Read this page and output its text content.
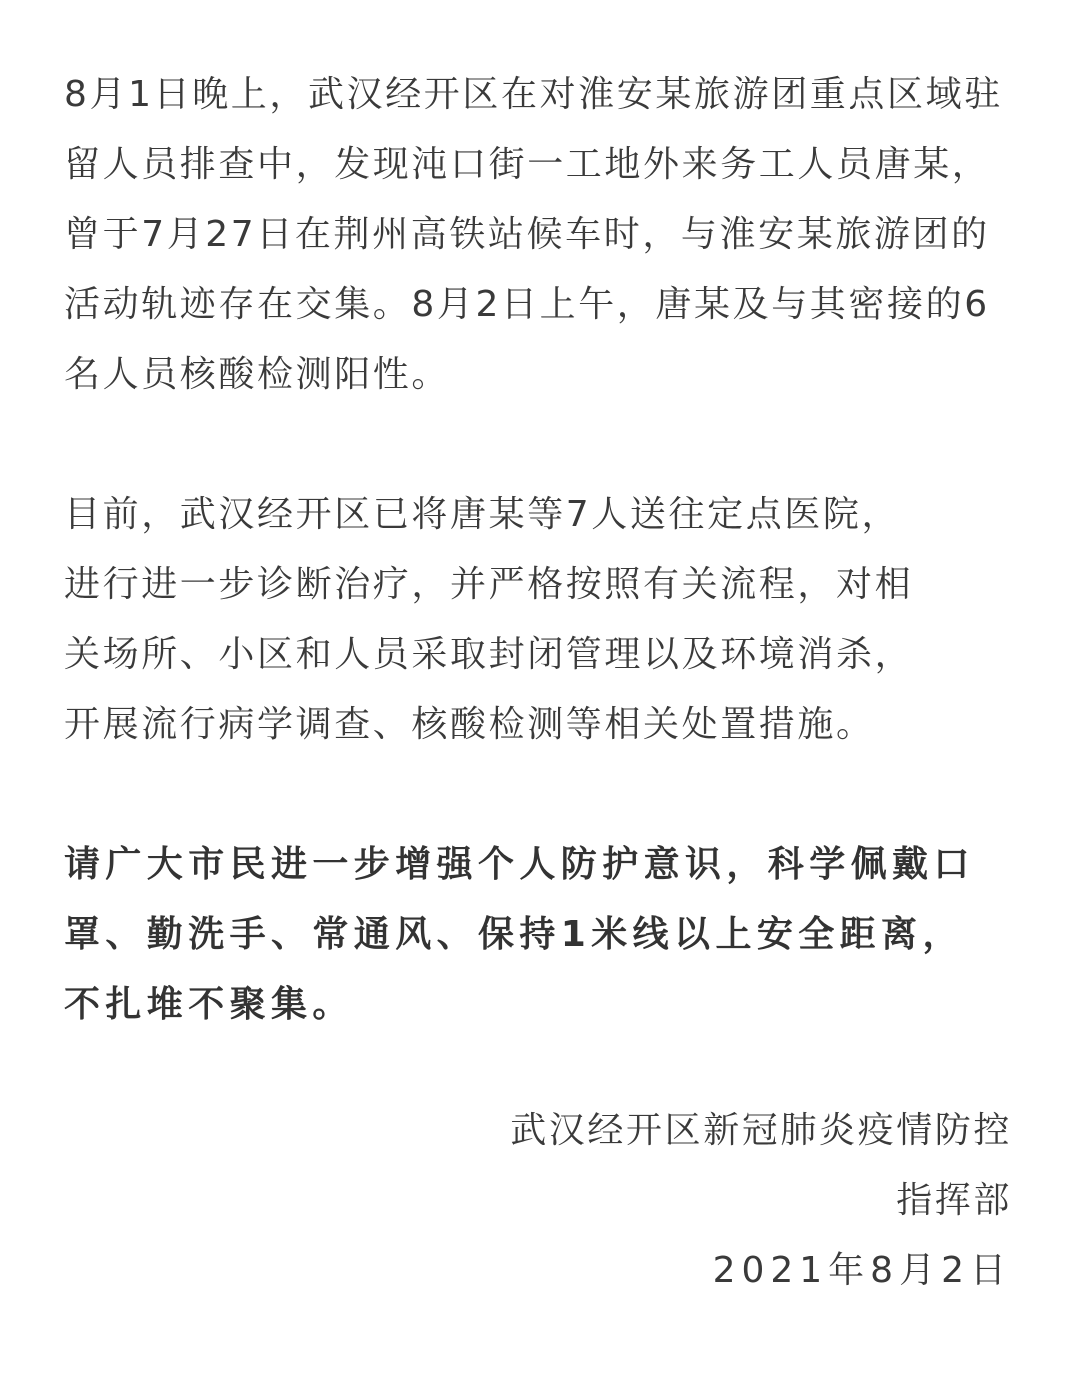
8月1日晚上，武汉经开区在对淮安某旅游团重点区域驻
留人员排查中，发现沌口街一工地外来务工人员唐某，
曾于7月27日在荆州高铁站候车时，与淮安某旅游团的
活动轨迹存在交集。8月2日上午，唐某及与其密接的6
名人员核酸检测阳性。

目前，武汉经开区已将唐某等7人送往定点医院，
进行进一步诊断治疗，并严格按照有关流程，对相
关场所、小区和人员采取封闭管理以及环境消杀，
开展流行病学调查、核酸检测等相关处置措施。

请广大市民进一步增强个人防护意识，科学佩戴口
罩、勤洗手、常通风、保持1米线以上安全距离，
不扎堆不聚集。

武汉经开区新冠肺炎疫情防控
指挥部
2021年8月2日
